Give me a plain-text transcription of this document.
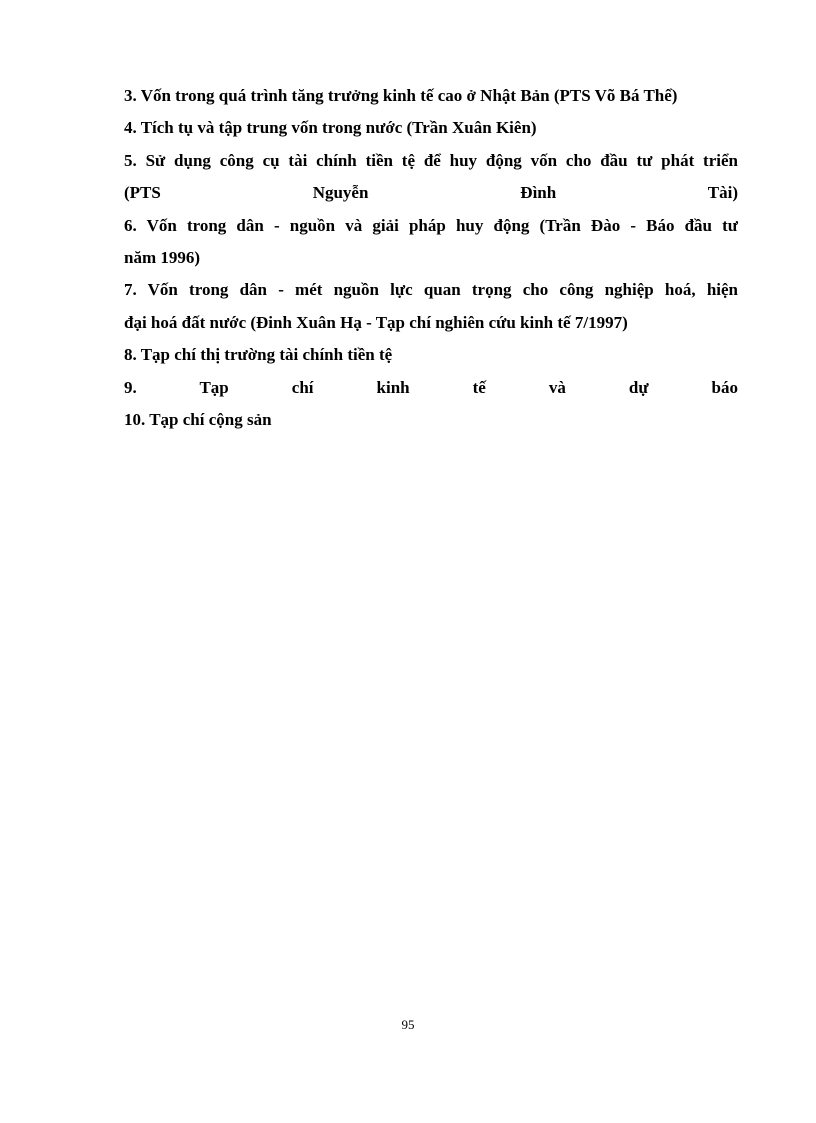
3. Vốn trong quá trình tăng trưởng kinh tế cao ở Nhật Bản (PTS Võ Bá Thể)

4. Tích tụ và tập trung vốn trong nước (Trần Xuân Kiên)

5. Sử dụng công cụ tài chính tiền tệ để huy động vốn cho đầu tư phát triển

(PTS Nguyễn Đình Tài)

6. Vốn trong dân - nguồn và giải pháp huy động (Trần Đào - Báo đầu tư

năm 1996)

7. Vốn trong dân - mét nguồn lực quan trọng cho công nghiệp hoá, hiện

đại hoá đất nước (Đinh Xuân Hạ - Tạp chí nghiên cứu kinh tế 7/1997)

8. Tạp chí thị trường tài chính tiền tệ

9. Tạp chí kinh tế và dự báo

10. Tạp chí cộng sản

95
